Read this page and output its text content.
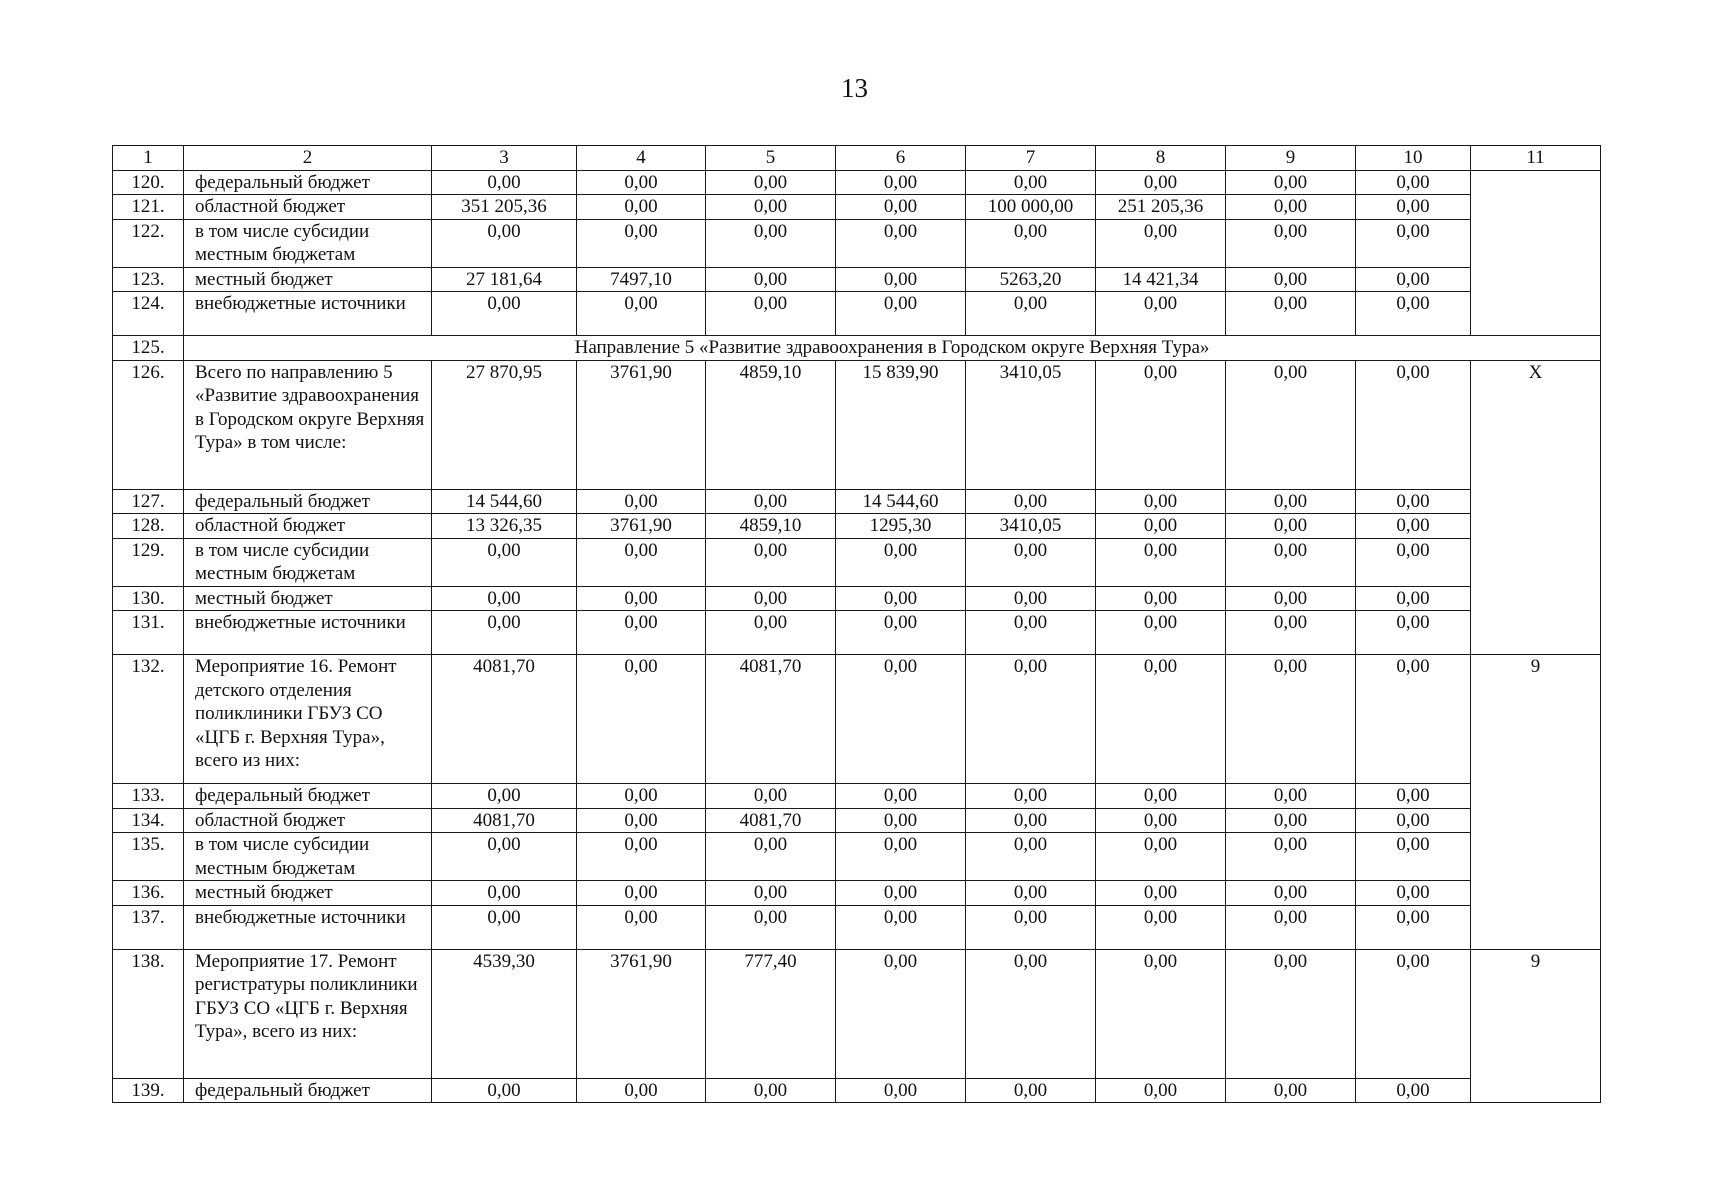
13
1	2	3	4	5	6	7	8	9	10	11
120.	федеральный бюджет	0,00	0,00	0,00	0,00	0,00	0,00	0,00	0,00	
121.	областной бюджет	351 205,36	0,00	0,00	0,00	100 000,00	251 205,36	0,00	0,00	
122.	в том числе субсидии местным бюджетам	0,00	0,00	0,00	0,00	0,00	0,00	0,00	0,00	
123.	местный бюджет	27 181,64	7497,10	0,00	0,00	5263,20	14 421,34	0,00	0,00	
124.	внебюджетные источники	0,00	0,00	0,00	0,00	0,00	0,00	0,00	0,00	
125.	Направление 5 «Развитие здравоохранения в Городском округе Верхняя Тура»									
126.	Всего по направлению 5 «Развитие здравоохранения в Городском округе Верхняя Тура» в том числе:	27 870,95	3761,90	4859,10	15 839,90	3410,05	0,00	0,00	0,00	Х
127.	федеральный бюджет	14 544,60	0,00	0,00	14 544,60	0,00	0,00	0,00	0,00	
128.	областной бюджет	13 326,35	3761,90	4859,10	1295,30	3410,05	0,00	0,00	0,00	
129.	в том числе субсидии местным бюджетам	0,00	0,00	0,00	0,00	0,00	0,00	0,00	0,00	
130.	местный бюджет	0,00	0,00	0,00	0,00	0,00	0,00	0,00	0,00	
131.	внебюджетные источники	0,00	0,00	0,00	0,00	0,00	0,00	0,00	0,00	
132.	Мероприятие 16. Ремонт детского отделения поликлиники ГБУЗ СО «ЦГБ г. Верхняя Тура», всего из них:	4081,70	0,00	4081,70	0,00	0,00	0,00	0,00	0,00	9
133.	федеральный бюджет	0,00	0,00	0,00	0,00	0,00	0,00	0,00	0,00	
134.	областной бюджет	4081,70	0,00	4081,70	0,00	0,00	0,00	0,00	0,00	
135.	в том числе субсидии местным бюджетам	0,00	0,00	0,00	0,00	0,00	0,00	0,00	0,00	
136.	местный бюджет	0,00	0,00	0,00	0,00	0,00	0,00	0,00	0,00	
137.	внебюджетные источники	0,00	0,00	0,00	0,00	0,00	0,00	0,00	0,00	
138.	Мероприятие 17. Ремонт регистратуры поликлиники ГБУЗ СО «ЦГБ г. Верхняя Тура», всего из них:	4539,30	3761,90	777,40	0,00	0,00	0,00	0,00	0,00	9
139.	федеральный бюджет	0,00	0,00	0,00	0,00	0,00	0,00	0,00	0,00	
